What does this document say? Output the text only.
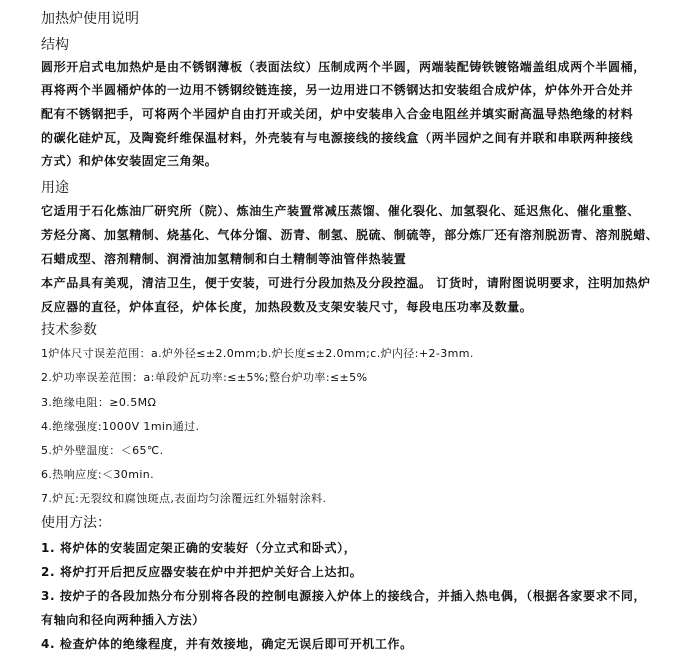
加热炉使用说明
结构
圆形开启式电加热炉是由不锈钢薄板（表面法纹）压制成两个半圆，两端装配铸铁镀铬端盖组成两个半圆桶，
再将两个半圆桶炉体的一边用不锈钢绞链连接，另一边用进口不锈钢达扣安装组合成炉体，炉体外开合处并
配有不锈钢把手，可将两个半园炉自由打开或关闭，炉中安装串入合金电阻丝并填实耐高温导热绝缘的材料
的碳化硅炉瓦，及陶瓷纤维保温材料，外壳装有与电源接线的接线盒（两半园炉之间有并联和串联两种接线
方式）和炉体安装固定三角架。
用途
它适用于石化炼油厂研究所（院）、炼油生产装置常减压蒸馏、催化裂化、加氢裂化、延迟焦化、催化重整、
芳烃分离、加氢精制、烧基化、气体分馏、沥青、制氢、脱硫、制硫等，部分炼厂还有溶剂脱沥青、溶剂脱蜡、
石蜡成型、溶剂精制、润滑油加氢精制和白土精制等油管伴热装置
本产品具有美观，清洁卫生，便于安装，可进行分段加热及分段控温。 订货时，请附图说明要求，注明加热炉
反应器的直径，炉体直径，炉体长度，加热段数及支架安装尺寸，每段电压功率及数量。
技术参数
1炉体尺寸误差范围：a.炉外径≤±2.0mm;b.炉长度≤±2.0mm;c.炉内径:+2-3mm.
2.炉功率误差范围：a:单段炉瓦功率:≤±5%;整台炉功率:≤±5%
3.绝缘电阻：≥0.5MΩ
4.绝缘强度:1000V 1min通过.
5.炉外壁温度：＜65℃.
6.热响应度:＜30min.
7.炉瓦:无裂纹和腐蚀斑点,表面均匀涂覆远红外辐射涂料.
使用方法：
1. 将炉体的安装固定架正确的安装好（分立式和卧式），
2. 将炉打开后把反应器安装在炉中并把炉关好合上达扣。
3. 按炉子的各段加热分布分别将各段的控制电源接入炉体上的接线合，并插入热电偶，（根据各家要求不同，
有轴向和径向两种插入方法）
4. 检查炉体的绝缘程度，并有效接地，确定无误后即可开机工作。
